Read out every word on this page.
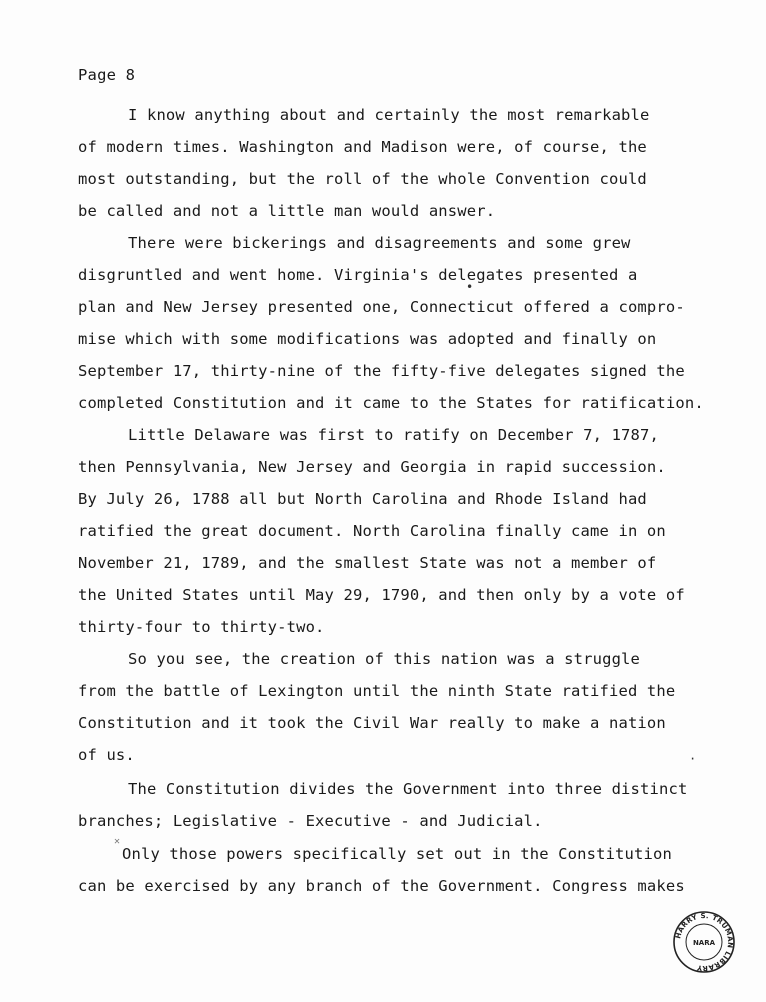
Page 8
I know anything about and certainly the most remarkable
of modern times. Washington and Madison were, of course, the
most outstanding, but the roll of the whole Convention could
be called and not a little man would answer.
There were bickerings and disagreements and some grew
disgruntled and went home. Virginia's delegates presented a
plan and New Jersey presented one, Connecticut offered a compro-
mise which with some modifications was adopted and finally on
September 17, thirty-nine of the fifty-five delegates signed the
completed Constitution and it came to the States for ratification.
Little Delaware was first to ratify on December 7, 1787,
then Pennsylvania, New Jersey and Georgia in rapid succession.
By July 26, 1788 all but North Carolina and Rhode Island had
ratified the great document. North Carolina finally came in on
November 21, 1789, and the smallest State was not a member of
the United States until May 29, 1790, and then only by a vote of
thirty-four to thirty-two.
So you see, the creation of this nation was a struggle
from the battle of Lexington until the ninth State ratified the
Constitution and it took the Civil War really to make a nation
of us.
The Constitution divides the Government into three distinct
branches; Legislative - Executive - and Judicial.
Only those powers specifically set out in the Constitution
can be exercised by any branch of the Government. Congress makes
·
•
✕
HARRY S. TRUMAN LIBRARY
NARA
